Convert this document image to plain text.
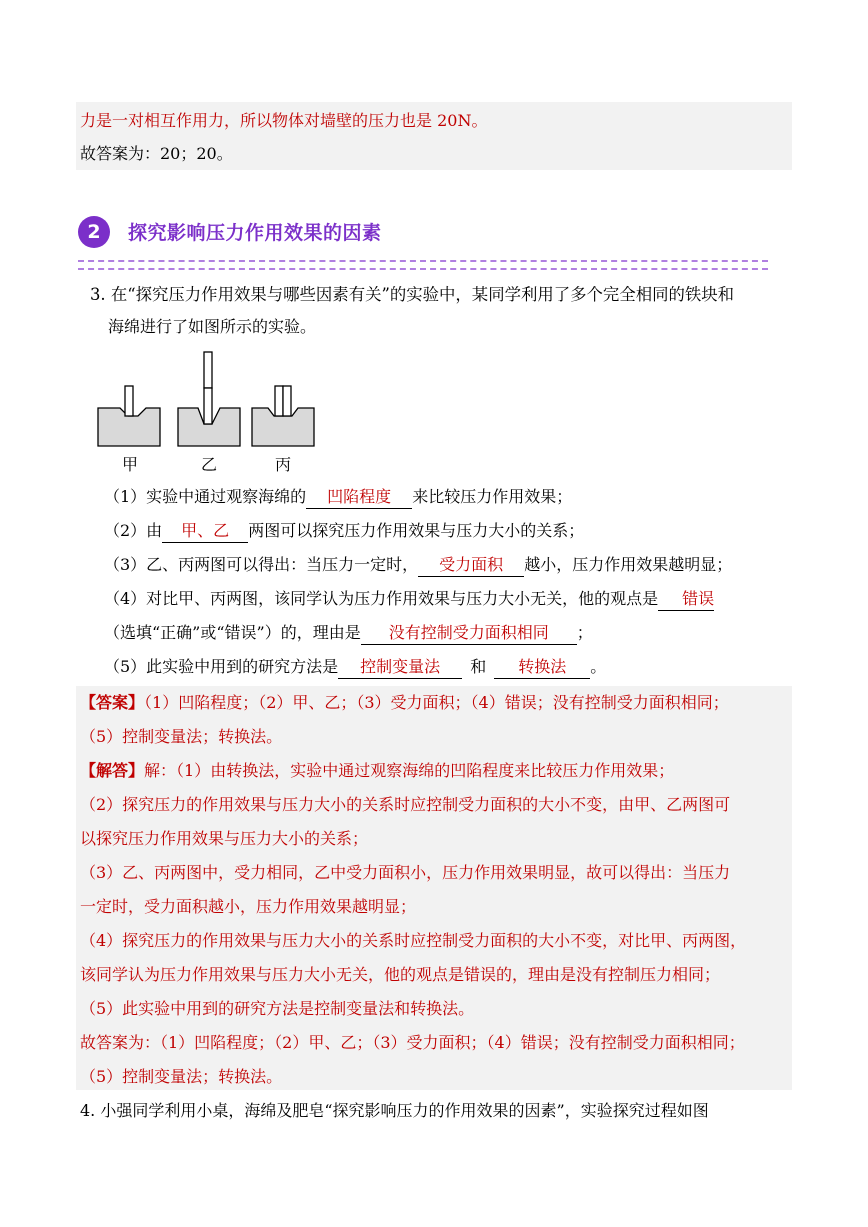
力是一对相互作用力，所以物体对墙壁的压力也是 20N。
故答案为：20；20。
2	探究影响压力作用效果的因素
3. 在“探究压力作用效果与哪些因素有关”的实验中，某同学利用了多个完全相同的铁块和
海绵进行了如图所示的实验。
甲	乙	丙
（1）实验中通过观察海绵的 凹陷程度 来比较压力作用效果；
（2）由 甲、乙 两图可以探究压力作用效果与压力大小的关系；
（3）乙、丙两图可以得出：当压力一定时， 受力面积 越小，压力作用效果越明显；
（4）对比甲、丙两图，该同学认为压力作用效果与压力大小无关，他的观点是 错误
（选填“正确”或“错误”）的，理由是 没有控制受力面积相同 ；
（5）此实验中用到的研究方法是 控制变量法 和 转换法 。
【答案】（1）凹陷程度；（2）甲、乙；（3）受力面积；（4）错误；没有控制受力面积相同；
（5）控制变量法；转换法。
【解答】解：（1）由转换法，实验中通过观察海绵的凹陷程度来比较压力作用效果；
（2）探究压力的作用效果与压力大小的关系时应控制受力面积的大小不变，由甲、乙两图可
以探究压力作用效果与压力大小的关系；
（3）乙、丙两图中，受力相同，乙中受力面积小，压力作用效果明显，故可以得出：当压力
一定时，受力面积越小，压力作用效果越明显；
（4）探究压力的作用效果与压力大小的关系时应控制受力面积的大小不变，对比甲、丙两图，
该同学认为压力作用效果与压力大小无关，他的观点是错误的，理由是没有控制压力相同；
（5）此实验中用到的研究方法是控制变量法和转换法。
故答案为：（1）凹陷程度；（2）甲、乙；（3）受力面积；（4）错误；没有控制受力面积相同；
（5）控制变量法；转换法。
4. 小强同学利用小桌，海绵及肥皂“探究影响压力的作用效果的因素”，实验探究过程如图
